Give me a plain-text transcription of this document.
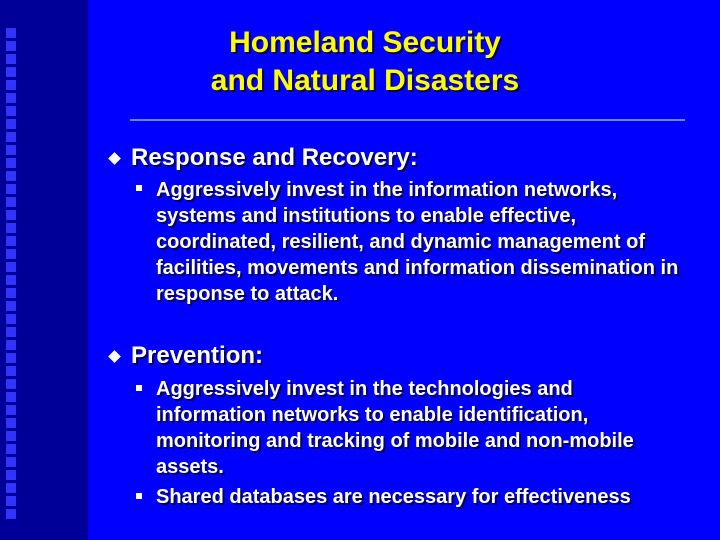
Homeland Security
and Natural Disasters
Response and Recovery:
Aggressively invest in the information networks, systems and institutions to enable effective, coordinated, resilient, and dynamic management of facilities, movements and information dissemination in response to attack.
Prevention:
Aggressively invest in the technologies and information networks to enable identification, monitoring and tracking of mobile and non-mobile assets.
Shared databases are necessary for effectiveness
